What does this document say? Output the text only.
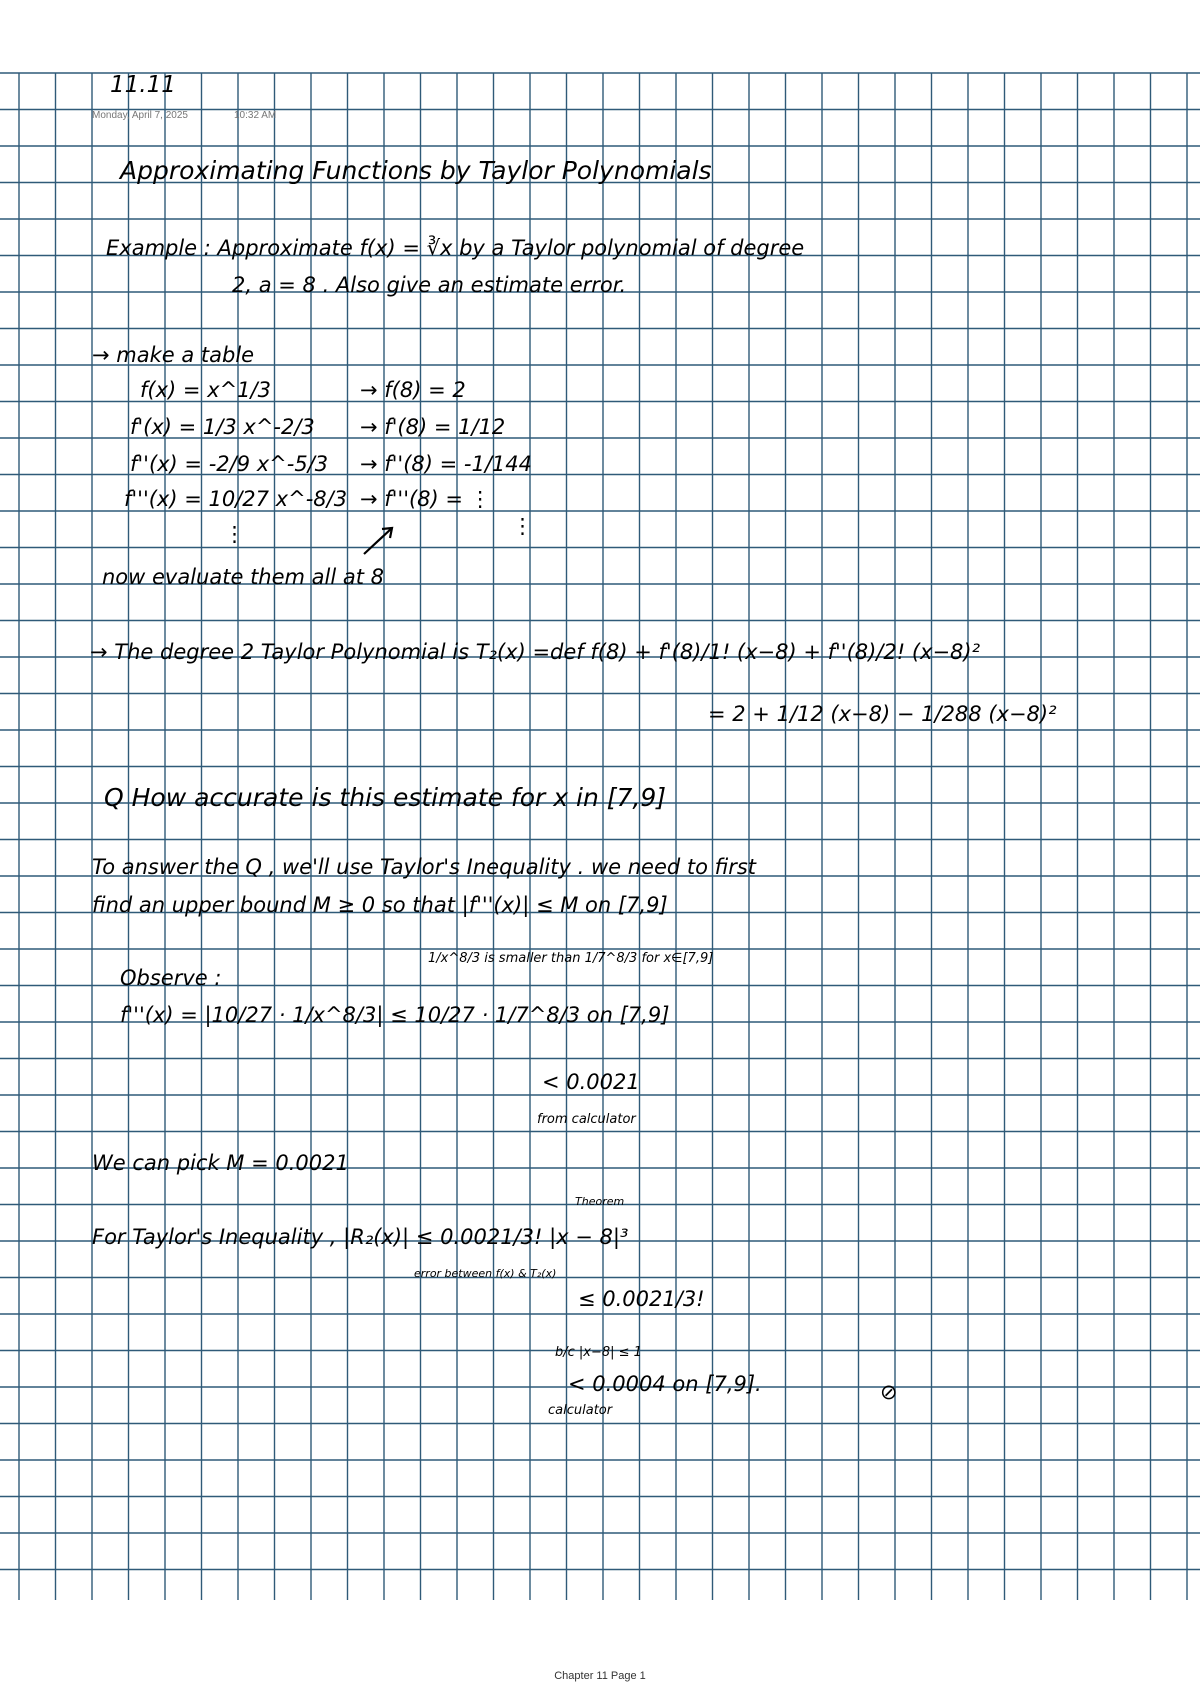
11.11
Monday, April 7, 2025	10:32 AM
Approximating Functions by Taylor Polynomials
Example : Approximate f(x) = ∛x by a Taylor polynomial of degree
2, a = 8 . Also give an estimate error.
→ make a table
f(x) = x^1/3	→ f(8) = 2
f'(x) = 1/3 x^-2/3 → f'(8) = 1/12
f''(x) = -2/9 x^-5/3 → f''(8) = -1/144
f'''(x) = 10/27 x^-8/3 → f'''(8) = ⋮
⋮	⋮
now evaluate them all at 8
→ The degree 2 Taylor Polynomial is T₂(x) =def f(8) + f'(8)/1! (x−8) + f''(8)/2! (x−8)²
= 2 + 1/12 (x−8) − 1/288 (x−8)²
Q How accurate is this estimate for x in [7,9]
To answer the Q , we'll use Taylor's Inequality . we need to first
find an upper bound M ≥ 0 so that |f'''(x)| ≤ M on [7,9]
1/x^8/3 is smaller than 1/7^8/3 for x∈[7,9]
Observe :
f'''(x) = |10/27 · 1/x^8/3| ≤ 10/27 · 1/7^8/3 on [7,9]
< 0.0021
from calculator
We can pick M = 0.0021
Theorem
For Taylor's Inequality , |R₂(x)| ≤ 0.0021/3! |x − 8|³
error between f(x) & T₂(x)
≤ 0.0021/3!
b/c |x−8| ≤ 1
< 0.0004 on [7,9].	⊘
calculator
Chapter 11 Page 1
